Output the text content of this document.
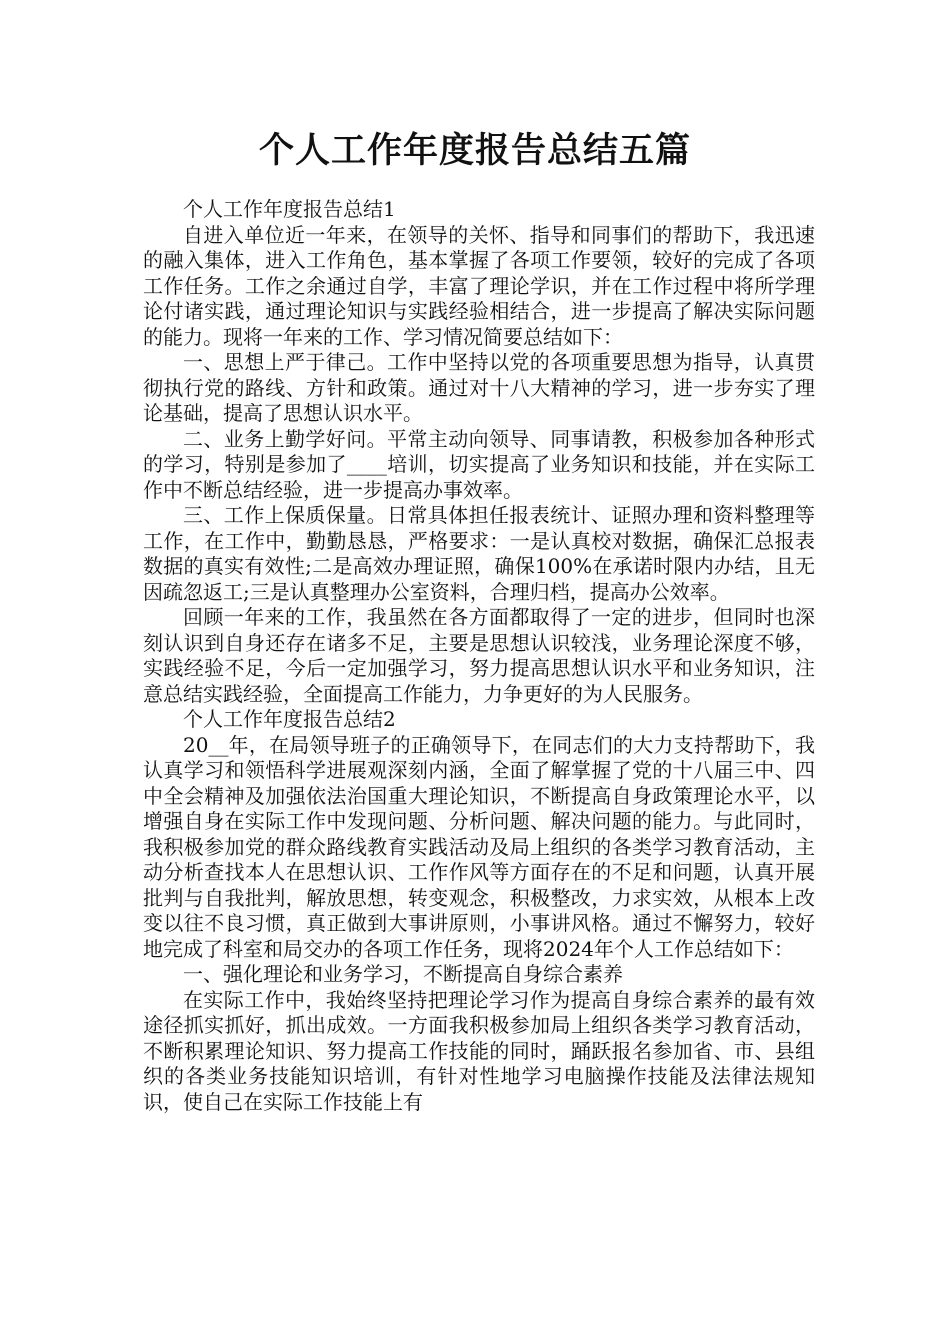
个人工作年度报告总结五篇

个人工作年度报告总结1

自进入单位近一年来，在领导的关怀、指导和同事们的帮助下，我迅速的融入集体，进入工作角色，基本掌握了各项工作要领，较好的完成了各项工作任务。工作之余通过自学，丰富了理论学识，并在工作过程中将所学理论付诸实践，通过理论知识与实践经验相结合，进一步提高了解决实际问题的能力。现将一年来的工作、学习情况简要总结如下：

一、思想上严于律己。工作中坚持以党的各项重要思想为指导，认真贯彻执行党的路线、方针和政策。通过对十八大精神的学习，进一步夯实了理论基础，提高了思想认识水平。

二、业务上勤学好问。平常主动向领导、同事请教，积极参加各种形式的学习，特别是参加了____培训，切实提高了业务知识和技能，并在实际工作中不断总结经验，进一步提高办事效率。

三、工作上保质保量。日常具体担任报表统计、证照办理和资料整理等工作，在工作中，勤勤恳恳，严格要求：一是认真校对数据，确保汇总报表数据的真实有效性;二是高效办理证照，确保100%在承诺时限内办结，且无因疏忽返工;三是认真整理办公室资料，合理归档，提高办公效率。

回顾一年来的工作，我虽然在各方面都取得了一定的进步，但同时也深刻认识到自身还存在诸多不足，主要是思想认识较浅，业务理论深度不够，实践经验不足，今后一定加强学习，努力提高思想认识水平和业务知识，注意总结实践经验，全面提高工作能力，力争更好的为人民服务。

个人工作年度报告总结2

20__年，在局领导班子的正确领导下，在同志们的大力支持帮助下，我认真学习和领悟科学进展观深刻内涵，全面了解掌握了党的十八届三中、四中全会精神及加强依法治国重大理论知识，不断提高自身政策理论水平，以增强自身在实际工作中发现问题、分析问题、解决问题的能力。与此同时，我积极参加党的群众路线教育实践活动及局上组织的各类学习教育活动，主动分析查找本人在思想认识、工作作风等方面存在的不足和问题，认真开展批判与自我批判，解放思想，转变观念，积极整改，力求实效，从根本上改变以往不良习惯，真正做到大事讲原则，小事讲风格。通过不懈努力，较好地完成了科室和局交办的各项工作任务，现将2024年个人工作总结如下：

一、强化理论和业务学习，不断提高自身综合素养

在实际工作中，我始终坚持把理论学习作为提高自身综合素养的最有效途径抓实抓好，抓出成效。一方面我积极参加局上组织各类学习教育活动，不断积累理论知识、努力提高工作技能的同时，踊跃报名参加省、市、县组织的各类业务技能知识培训，有针对性地学习电脑操作技能及法律法规知识，使自己在实际工作技能上有
